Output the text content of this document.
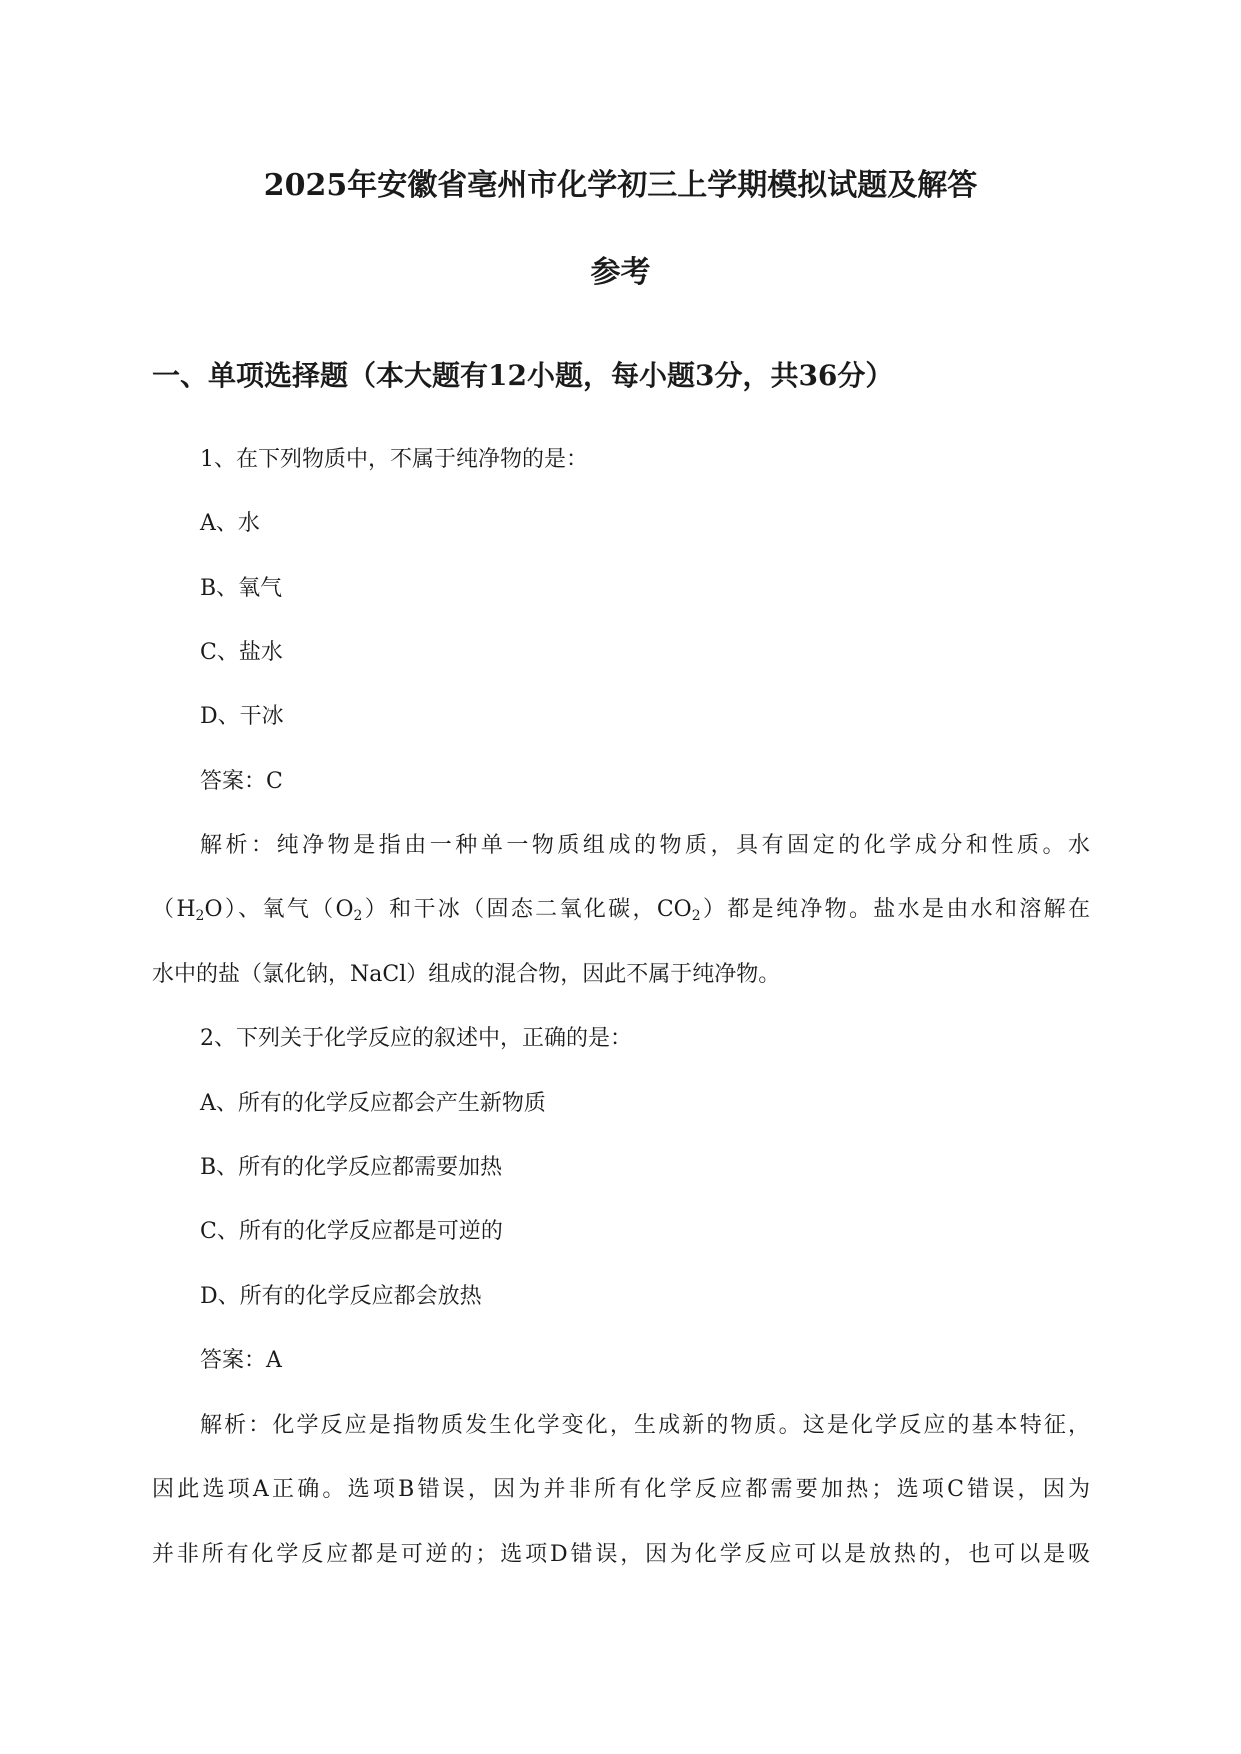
2025年安徽省亳州市化学初三上学期模拟试题及解答
参考
一、单项选择题（本大题有12小题，每小题3分，共36分）
1、在下列物质中，不属于纯净物的是：
A、水
B、氧气
C、盐水
D、干冰
答案：C
解析：纯净物是指由一种单一物质组成的物质，具有固定的化学成分和性质。水
$(H_2O)$、氧气$(O_2)$和干冰（固态二氧化碳，$CO_2$）都是纯净物。盐水是由水和溶解在
水中的盐（氯化钠，NaCl）组成的混合物，因此不属于纯净物。
2、下列关于化学反应的叙述中，正确的是：
A、所有的化学反应都会产生新物质
B、所有的化学反应都需要加热
C、所有的化学反应都是可逆的
D、所有的化学反应都会放热
答案：A
解析：化学反应是指物质发生化学变化，生成新的物质。这是化学反应的基本特征，
因此选项A正确。选项B错误，因为并非所有化学反应都需要加热；选项C错误，因为
并非所有化学反应都是可逆的；选项D错误，因为化学反应可以是放热的，也可以是吸
